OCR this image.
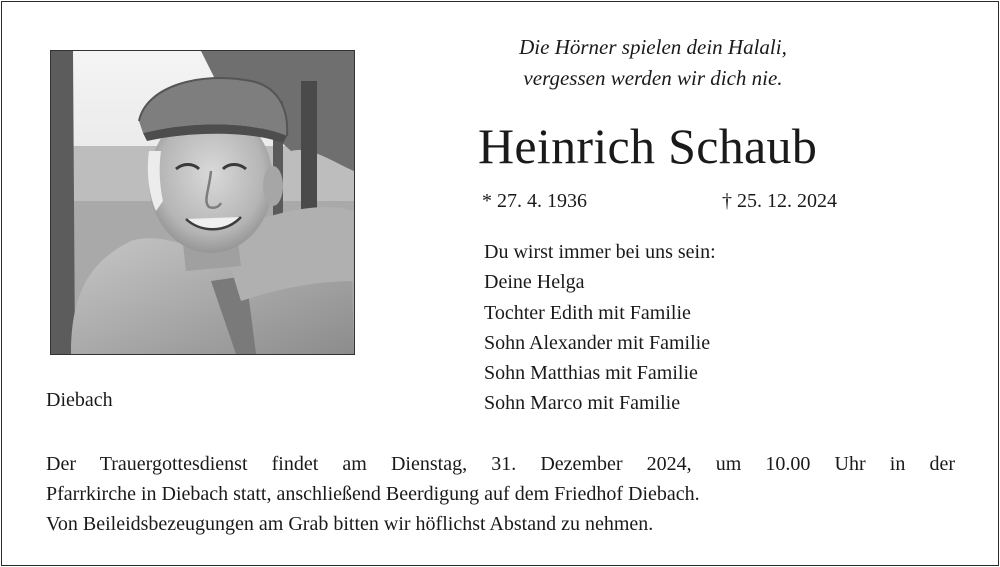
Die Hörner spielen dein Halali,
vergessen werden wir dich nie.
Heinrich Schaub
* 27. 4. 1936	† 25. 12. 2024
Du wirst immer bei uns sein:
Deine Helga
Tochter Edith mit Familie
Sohn Alexander mit Familie
Sohn Matthias mit Familie
Sohn Marco mit Familie
Diebach
Der Trauergottesdienst findet am Dienstag, 31. Dezember 2024, um 10.00 Uhr in der
Pfarrkirche in Diebach statt, anschließend Beerdigung auf dem Friedhof Diebach.
Von Beileidsbezeugungen am Grab bitten wir höflichst Abstand zu nehmen.
